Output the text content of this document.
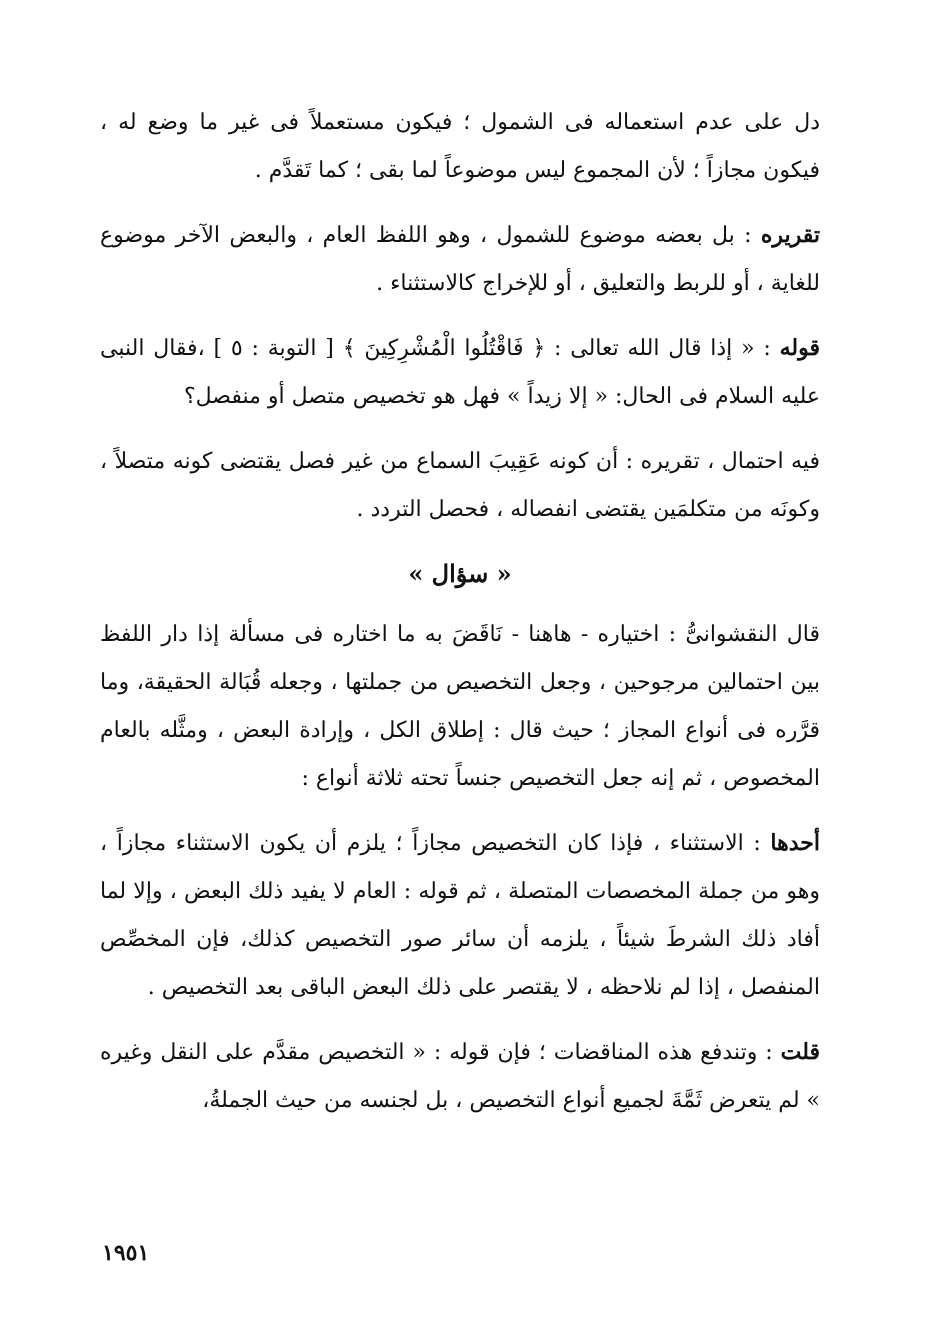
دل على عدم استعماله فى الشمول ؛ فيكون مستعملاً فى غير ما وضع له ، فيكون مجازاً ؛ لأن المجموع ليس موضوعاً لما بقى ؛ كما تَقدَّم .

تقريره : بل بعضه موضوع للشمول ، وهو اللفظ العام ، والبعض الآخر موضوع للغاية ، أو للربط والتعليق ، أو للإخراج كالاستثناء .

قوله : « إذا قال الله تعالى : ﴿ فَاقْتُلُوا الْمُشْرِكِينَ ﴾ [ التوبة : ٥ ] ،فقال النبى عليه السلام فى الحال: « إلا زيداً » فهل هو تخصيص متصل أو منفصل؟

فيه احتمال ، تقريره : أن كونه عَقِيبَ السماع من غير فصل يقتضى كونه متصلاً ، وكونَه من متكلمَين يقتضى انفصاله ، فحصل التردد .

« سؤال »

قال النقشوانىُّ : اختياره - هاهنا - نَاقَضَ به ما اختاره فى مسألة إذا دار اللفظ بين احتمالين مرجوحين ، وجعل التخصيص من جملتها ، وجعله قُبَالة الحقيقة، وما قرَّره فى أنواع المجاز ؛ حيث قال : إطلاق الكل ، وإرادة البعض ، ومثَّله بالعام المخصوص ، ثم إنه جعل التخصيص جنساً تحته ثلاثة أنواع :

أحدها : الاستثناء ، فإذا كان التخصيص مجازاً ؛ يلزم أن يكون الاستثناء مجازاً ، وهو من جملة المخصصات المتصلة ، ثم قوله : العام لا يفيد ذلك البعض ، وإلا لما أفاد ذلك الشرطَ شيئاً ، يلزمه أن سائر صور التخصيص كذلك، فإن المخصِّص المنفصل ، إذا لم نلاحظه ، لا يقتصر على ذلك البعض الباقى بعد التخصيص .

قلت : وتندفع هذه المناقضات ؛ فإن قوله : « التخصيص مقدَّم على النقل وغيره » لم يتعرض ثَمَّةَ لجميع أنواع التخصيص ، بل لجنسه من حيث الجملةُ،

١٩٥١
